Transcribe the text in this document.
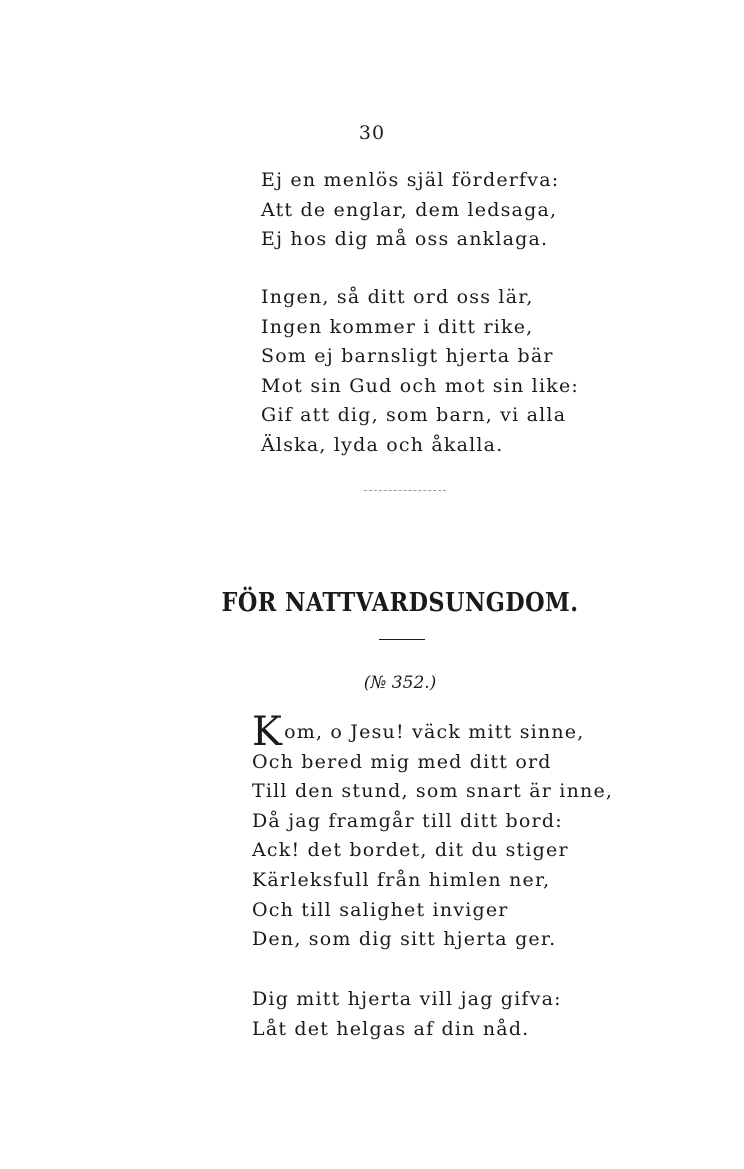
30
Ej en menlös själ förderfva:
Att de englar, dem ledsaga,
Ej hos dig må oss anklaga.
Ingen, så ditt ord oss lär,
Ingen kommer i ditt rike,
Som ej barnsligt hjerta bär
Mot sin Gud och mot sin like:
Gif att dig, som barn, vi alla
Älska, lyda och åkalla.
FÖR NATTVARDSUNGDOM.
(№ 352.)
K om, o Jesu! väck mitt sinne,
Och bered mig med ditt ord
Till den stund, som snart är inne,
Då jag framgår till ditt bord:
Ack! det bordet, dit du stiger
Kärleksfull från himlen ner,
Och till salighet inviger
Den, som dig sitt hjerta ger.
Dig mitt hjerta vill jag gifva:
Låt det helgas af din nåd.
